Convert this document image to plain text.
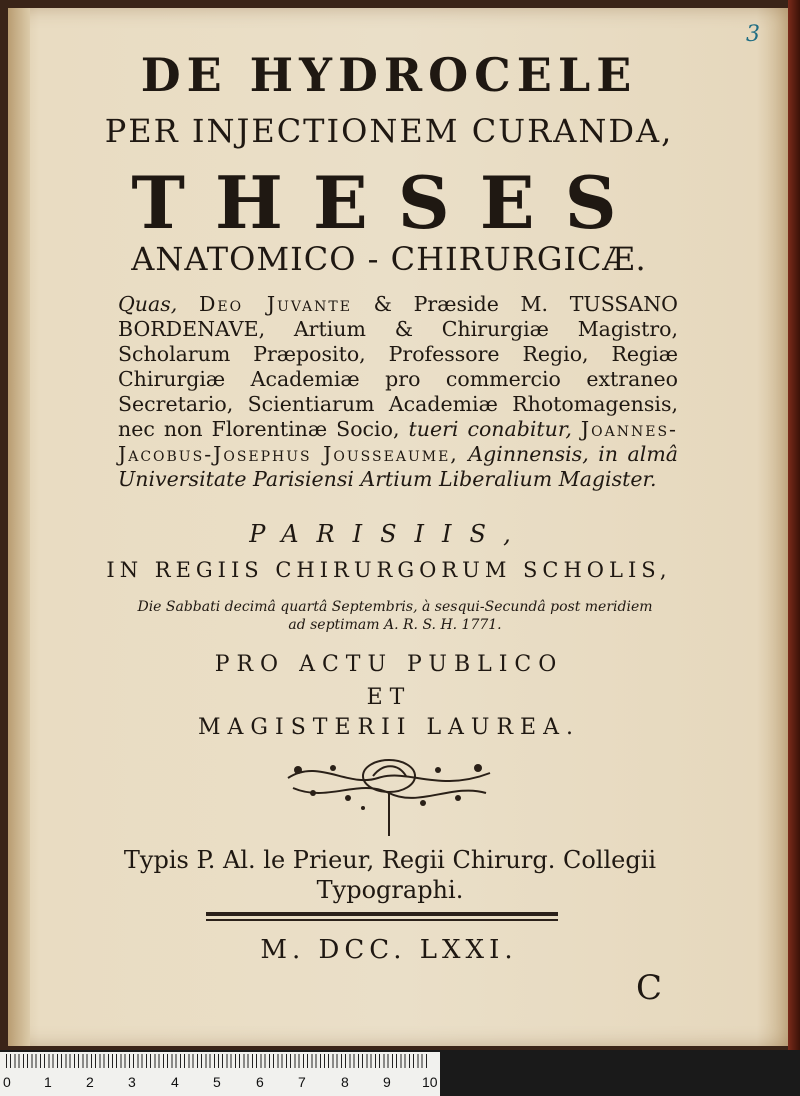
3
DE HYDROCELE
PER INJECTIONEM CURANDA,
THESES
ANATOMICO - CHIRURGICÆ.
Quas, Deo Juvante & Præside M. TUSSANO BORDENAVE, Artium & Chirurgiæ Magistro, Scholarum Præposito, Professore Regio, Regiæ Chirurgiæ Academiæ pro commercio extraneo Secretario, Scientiarum Academiæ Rhotomagensis, nec non Florentinæ Socio, tueri conabitur, Joannes-Jacobus-Josephus Jousseaume, Aginnensis, in almâ Universitate Parisiensi Artium Liberalium Magister.
PARISIIS,
IN REGIIS CHIRURGORUM SCHOLIS,
Die Sabbati decimâ quartâ Septembris, à sesqui-Secundâ post meridiem ad septimam A. R. S. H. 1771.
PRO ACTU PUBLICO
ET
MAGISTERII LAUREA.
Typis P. Al. le Prieur, Regii Chirurg. Collegii Typographi.
M. DCC. LXXI.
C
0 1 2 3	4 5	6 7	8 9 10
